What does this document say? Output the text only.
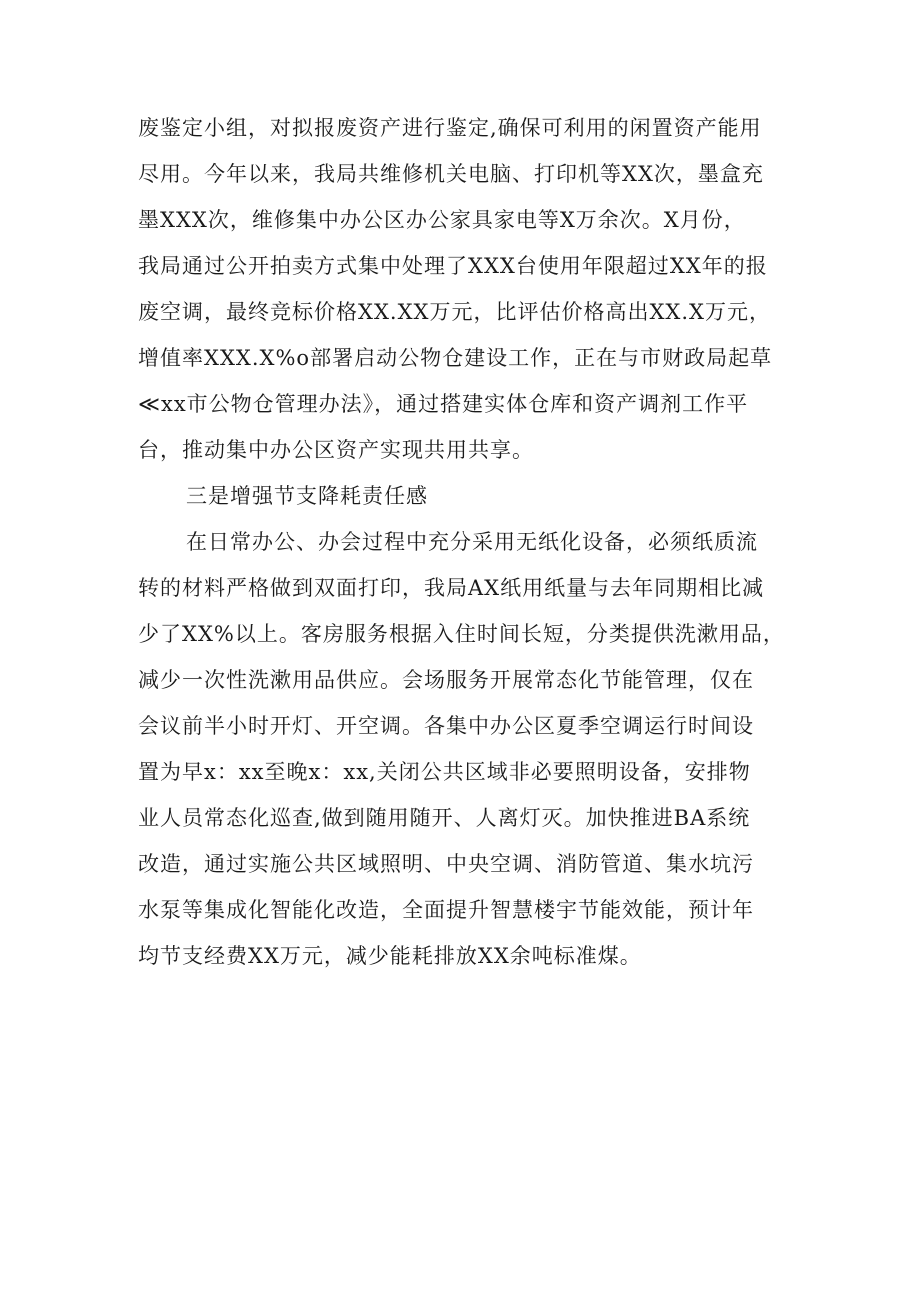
废鉴定小组，对拟报废资产进行鉴定,确保可利用的闲置资产能用
尽用。今年以来，我局共维修机关电脑、打印机等XX次，墨盒充
墨XXX次，维修集中办公区办公家具家电等X万余次。X月份，
我局通过公开拍卖方式集中处理了XXX台使用年限超过XX年的报
废空调，最终竞标价格XX.XX万元，比评估价格高出XX.X万元，
增值率XXX.X%o部署启动公物仓建设工作，正在与市财政局起草
≪xx市公物仓管理办法》，通过搭建实体仓库和资产调剂工作平
台，推动集中办公区资产实现共用共享。
三是增强节支降耗责任感
在日常办公、办会过程中充分采用无纸化设备，必须纸质流
转的材料严格做到双面打印，我局AX纸用纸量与去年同期相比减
少了XX%以上。客房服务根据入住时间长短，分类提供洗漱用品，
减少一次性洗漱用品供应。会场服务开展常态化节能管理，仅在
会议前半小时开灯、开空调。各集中办公区夏季空调运行时间设
置为早x：xx至晚x：xx,关闭公共区域非必要照明设备，安排物
业人员常态化巡查,做到随用随开、人离灯灭。加快推进BA系统
改造，通过实施公共区域照明、中央空调、消防管道、集水坑污
水泵等集成化智能化改造，全面提升智慧楼宇节能效能，预计年
均节支经费XX万元，减少能耗排放XX余吨标准煤。
